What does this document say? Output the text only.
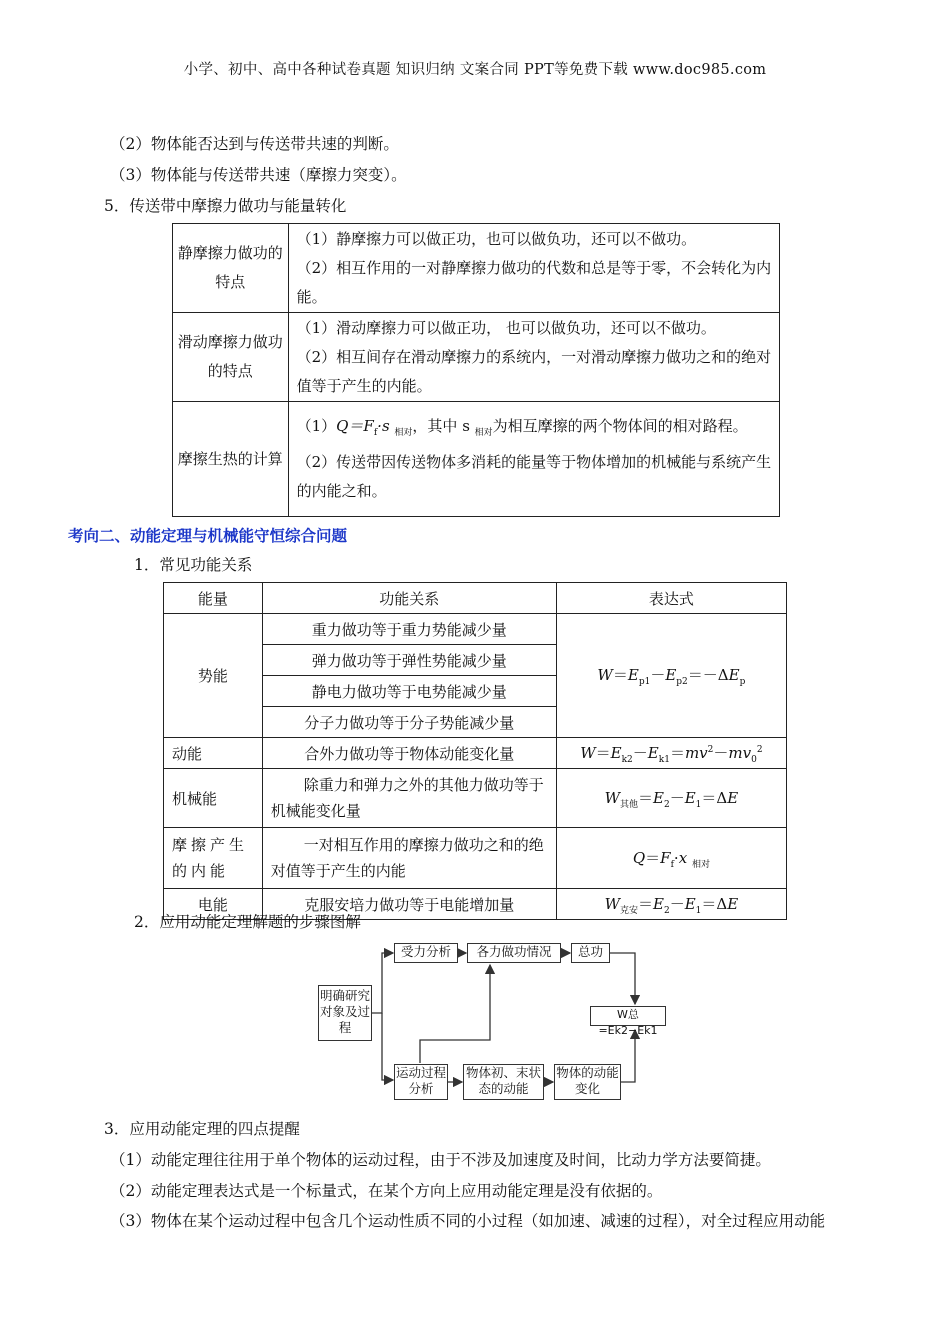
小学、初中、高中各种试卷真题 知识归纳 文案合同 PPT等免费下载 www.doc985.com
（2）物体能否达到与传送带共速的判断。
（3）物体能与传送带共速（摩擦力突变）。
5．传送带中摩擦力做功与能量转化
静摩擦力做功的特点	（1）静摩擦力可以做正功，也可以做负功，还可以不做功。
（2）相互作用的一对静摩擦力做功的代数和总是等于零，不会转化为内能。

滑动摩擦力做功的特点	（1）滑动摩擦力可以做正功， 也可以做负功，还可以不做功。
（2）相互间存在滑动摩擦力的系统内，一对滑动摩擦力做功之和的绝对值等于产生的内能。

摩擦生热的计算	$(1)Q=F_f\cdot s$ $_{相对}$，其中 s $_{相对}$为相互摩擦的两个物体间的相对路程。
（2）传送带因传送物体多消耗的能量等于物体增加的机械能与系统产生的内能之和。
考向二、动能定理与机械能守恒综合问题
1．常见功能关系
能量	功能关系	表达式
势能	重力做功等于重力势能减少量	$W=E_{p1}-E_{p2}=-\Delta E_p$
	弹力做功等于弹性势能减少量	
	静电力做功等于电势能减少量	
	分子力做功等于分子势能减少量	
动能	合外力做功等于物体动能变化量	$W=E_{k2}-E_{k1}=mv^2-mv_0^2$
机械能	除重力和弹力之外的其他力做功等于机械能变化量	$W_{其他}=E_2-E_1=\Delta E$
摩擦产生的内能	一对相互作用的摩擦力做功之和的绝对值等于产生的内能	$Q=F_f\cdot x$ $_{相对}$
电能	克服安培力做功等于电能增加量	$W_{克安}=E_2-E_1=\Delta E$
2．应用动能定理解题的步骤图解
明确研究对象及过程
受力分析	各力做功情况	总功
W总=Ek2−Ek1
运动过程分析
物体初、末状态的动能
物体的动能变化
3．应用动能定理的四点提醒
（1）动能定理往往用于单个物体的运动过程，由于不涉及加速度及时间，比动力学方法要简捷。
（2）动能定理表达式是一个标量式，在某个方向上应用动能定理是没有依据的。
（3）物体在某个运动过程中包含几个运动性质不同的小过程（如加速、减速的过程），对全过程应用动能
